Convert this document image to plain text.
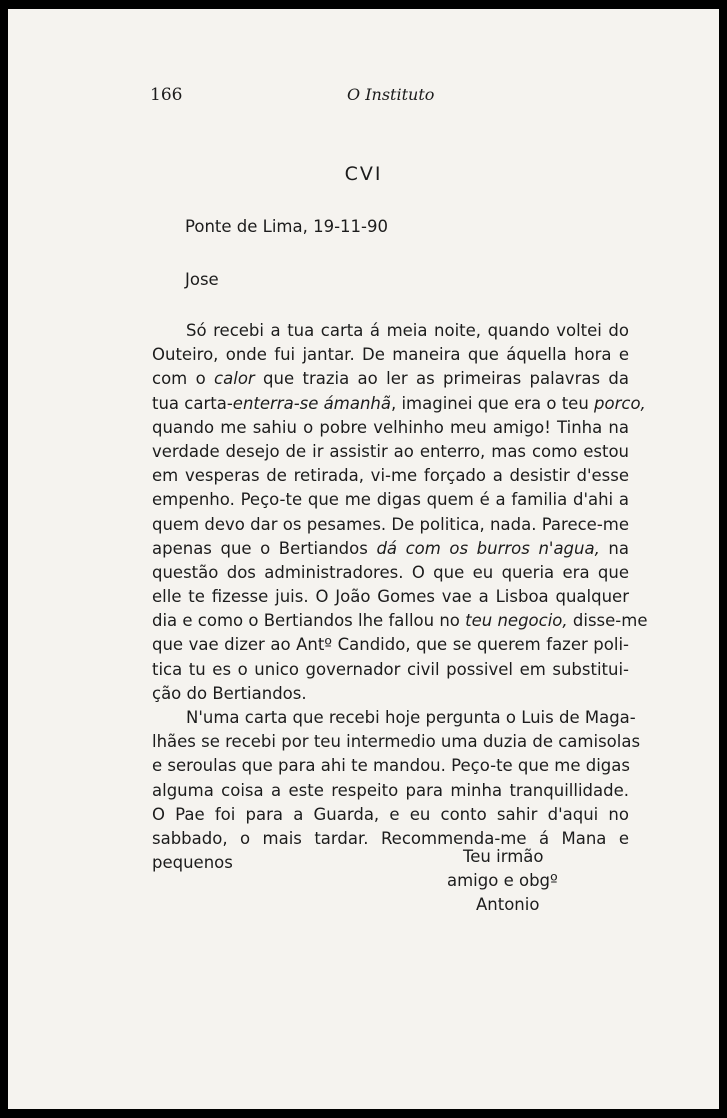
166	O Instituto
CVI
Ponte de Lima, 19-11-90
Jose
Só recebi a tua carta á meia noite, quando voltei do
Outeiro, onde fui jantar. De maneira que áquella hora e
com o calor que trazia ao ler as primeiras palavras da
tua carta-enterra-se ámanhã, imaginei que era o teu porco,
quando me sahiu o pobre velhinho meu amigo! Tinha na
verdade desejo de ir assistir ao enterro, mas como estou
em vesperas de retirada, vi-me forçado a desistir d'esse
empenho. Peço-te que me digas quem é a familia d'ahi a
quem devo dar os pesames. De politica, nada. Parece-me
apenas que o Bertiandos dá com os burros n'agua, na
questão dos administradores. O que eu queria era que
elle te fizesse juis. O João Gomes vae a Lisboa qualquer
dia e como o Bertiandos lhe fallou no teu negocio, disse-me
que vae dizer ao Antº Candido, que se querem fazer poli-
tica tu es o unico governador civil possivel em substitui-
ção do Bertiandos.
N'uma carta que recebi hoje pergunta o Luis de Maga-
lhães se recebi por teu intermedio uma duzia de camisolas
e seroulas que para ahi te mandou. Peço-te que me digas
alguma coisa a este respeito para minha tranquillidade.
O Pae foi para a Guarda, e eu conto sahir d'aqui no
sabbado, o mais tardar. Recommenda-me á Mana e
pequenos	Teu irmão
amigo e obgº
Antonio
